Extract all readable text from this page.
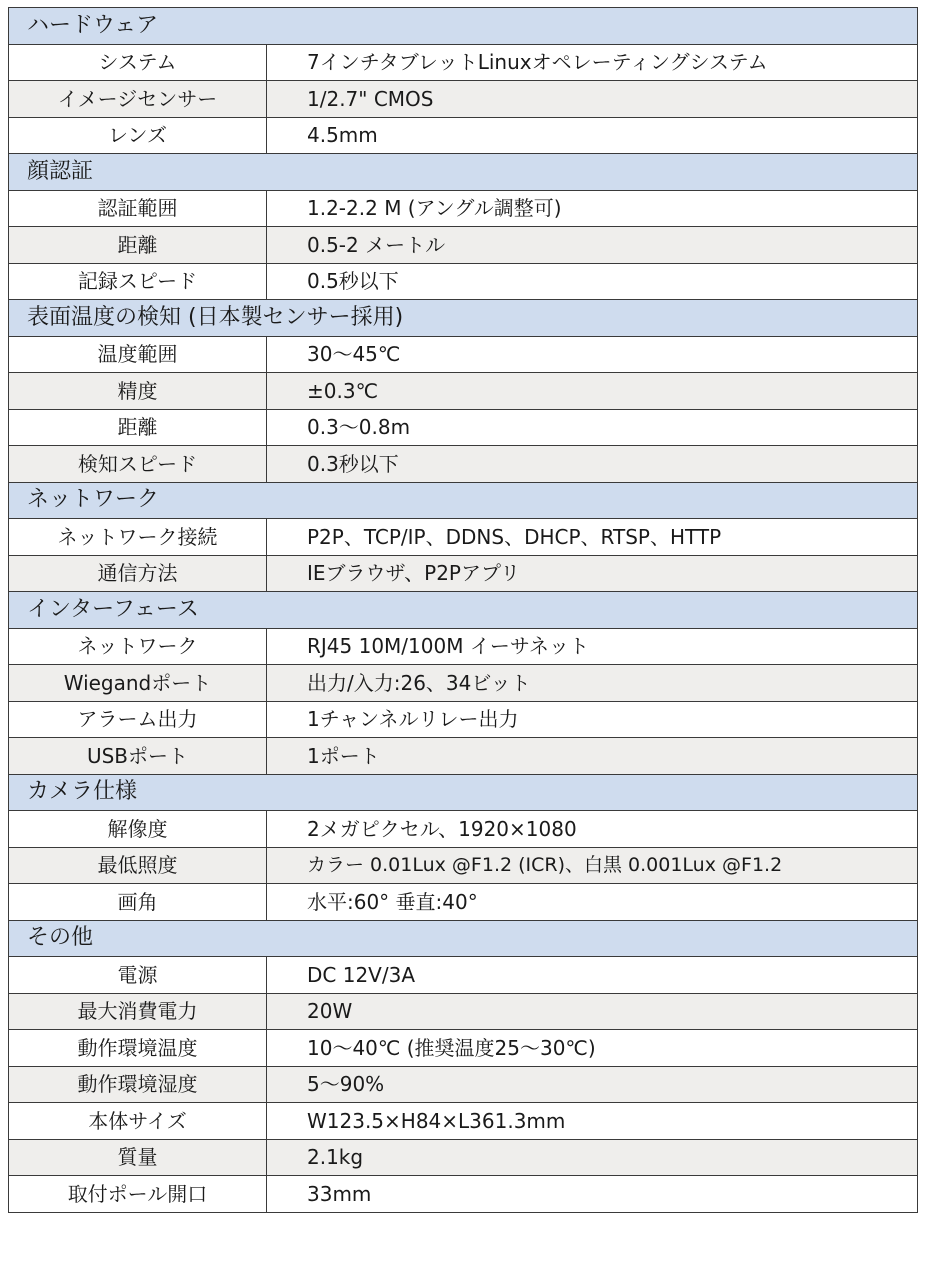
ハードウェア	
システム	7インチタブレットLinuxオペレーティングシステム
イメージセンサー	1/2.7" CMOS
レンズ	4.5mm
顔認証	
認証範囲	1.2-2.2 M (アングル調整可)
距離	0.5-2 メートル
記録スピード	0.5秒以下
表面温度の検知 (日本製センサー採用)	
温度範囲	30〜45℃
精度	±0.3℃
距離	0.3〜0.8m
検知スピード	0.3秒以下
ネットワーク	
ネットワーク接続	P2P、TCP/IP、DDNS、DHCP、RTSP、HTTP
通信方法	IEブラウザ、P2Pアプリ
インターフェース	
ネットワーク	RJ45 10M/100M イーサネット
Wiegandポート	出力/入力:26、34ビット
アラーム出力	1チャンネルリレー出力
USBポート	1ポート
カメラ仕様	
解像度	2メガピクセル、1920×1080
最低照度	カラー 0.01Lux @F1.2 (ICR)、白黒 0.001Lux @F1.2
画角	水平:60° 垂直:40°
その他	
電源	DC 12V/3A
最大消費電力	20W
動作環境温度	10〜40℃ (推奨温度25〜30℃)
動作環境湿度	5〜90%
本体サイズ	W123.5×H84×L361.3mm
質量	2.1kg
取付ポール開口	33mm
